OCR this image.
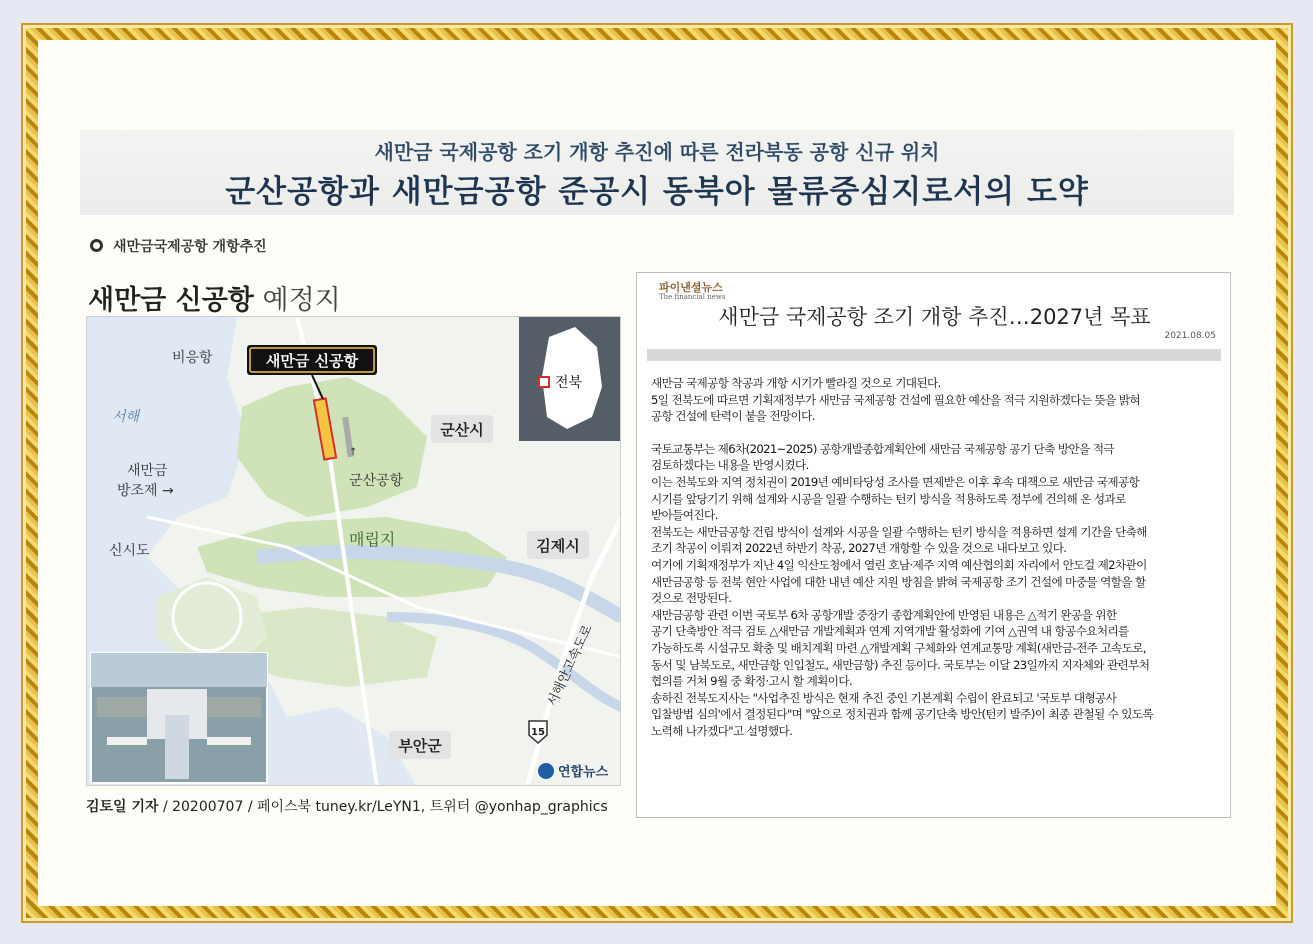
새만금 국제공항 조기 개항 추진에 따른 전라북동 공항 신규 위치
군산공항과 새만금공항 준공시 동북아 물류중심지로서의 도약
새만금국제공항 개항추진
새만금 신공항 예정지
새만금 신공항
비응항
서해
새만금
방조제 →
신시도
↑
군산공항
매립지
군산시
김제시
부안군
서해안고속도로
15
전북
연합뉴스
김토일 기자 / 20200707 / 페이스북 tuney.kr/LeYN1, 트위터 @yonhap_graphics
파이낸셜뉴스
The financial news
새만금 국제공항 조기 개항 추진…2027년 목표
2021.08.05

새만금 국제공항 착공과 개항 시기가 빨라질 것으로 기대된다.

5일 전북도에 따르면 기획재정부가 새만금 국제공항 건설에 필요한 예산을 적극 지원하겠다는 뜻을 밝혀

공항 건설에 탄력이 붙을 전망이다.

국토교통부는 제6차(2021~2025) 공항개발종합계획안에 새만금 국제공항 공기 단축 방안을 적극

검토하겠다는 내용을 반영시켰다.

이는 전북도와 지역 정치권이 2019년 예비타당성 조사를 면제받은 이후 후속 대책으로 새만금 국제공항

시기를 앞당기기 위해 설계와 시공을 일괄 수행하는 턴키 방식을 적용하도록 정부에 건의해 온 성과로

받아들여진다.

전북도는 새만금공항 건립 방식이 설계와 시공을 일괄 수행하는 턴키 방식을 적용하면 설계 기간을 단축해

조기 착공이 이뤄져 2022년 하반기 착공, 2027년 개항할 수 있을 것으로 내다보고 있다.

여기에 기획재정부가 지난 4일 익산도청에서 열린 호남·제주 지역 예산협의회 자리에서 안도걸 제2차관이

새만금공항 등 전북 현안 사업에 대한 내년 예산 지원 방침을 밝혀 국제공항 조기 건설에 마중물 역할을 할

것으로 전망된다.

새만금공항 관련 이번 국토부 6차 공항개발 중장기 종합계획안에 반영된 내용은 △적기 완공을 위한

공기 단축방안 적극 검토 △새만금 개발계획과 연계 지역개발 활성화에 기여 △권역 내 항공수요처리를

가능하도록 시설규모 확충 및 배치계획 마련 △개발계획 구체화와 연계교통망 계획(새만금-전주 고속도로,

동서 및 남북도로, 새만금항 인입철도, 새만금항) 추진 등이다. 국토부는 이달 23일까지 지자체와 관련부처

협의를 거쳐 9월 중 확정·고시 할 계획이다.

송하진 전북도지사는 "사업추진 방식은 현재 추진 중인 기본계획 수립이 완료되고 '국토부 대형공사

입찰방법 심의'에서 결정된다"며 "앞으로 정치권과 함께 공기단축 방안(턴키 발주)이 최종 관철될 수 있도록

노력해 나가겠다"고 설명했다.
